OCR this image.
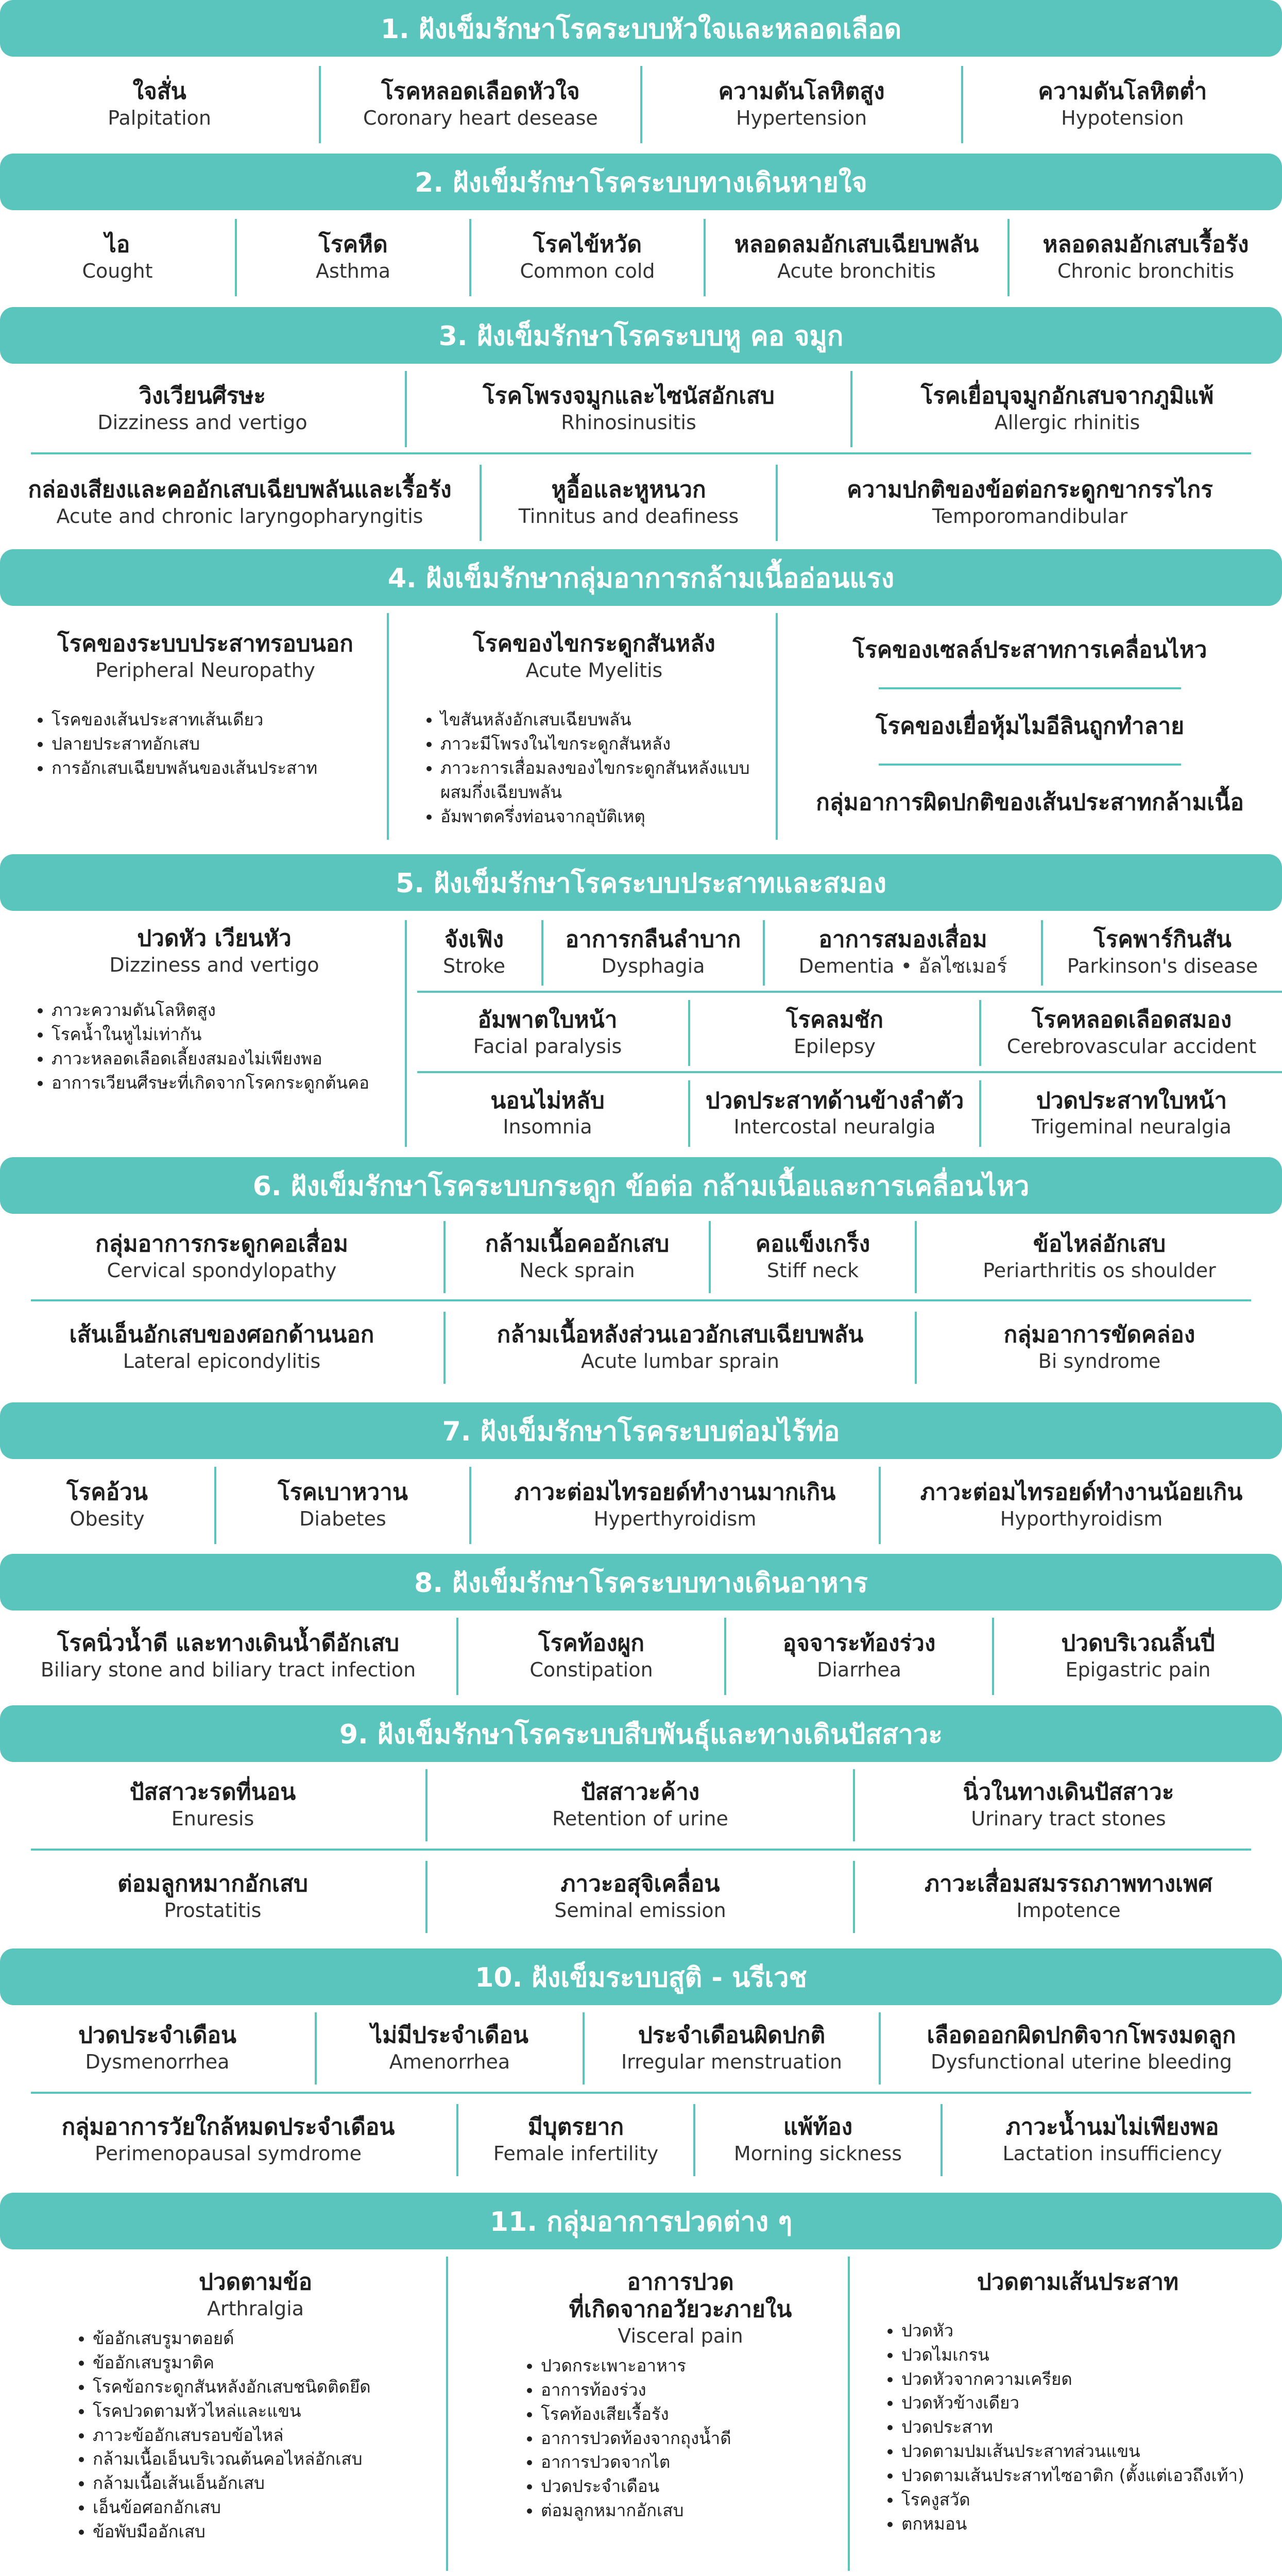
1. ฝังเข็มรักษาโรคระบบหัวใจและหลอดเลือด
ใจสั่น
Palpitation
โรคหลอดเลือดหัวใจ
Coronary heart desease
ความดันโลหิตสูง
Hypertension
ความดันโลหิตต่ำ
Hypotension
2. ฝังเข็มรักษาโรคระบบทางเดินหายใจ
ไอ
Cought
โรคหืด
Asthma
โรคไข้หวัด
Common cold
หลอดลมอักเสบเฉียบพลัน
Acute bronchitis
หลอดลมอักเสบเรื้อรัง
Chronic bronchitis
3. ฝังเข็มรักษาโรคระบบหู คอ จมูก
วิงเวียนศีรษะ
Dizziness and vertigo
โรคโพรงจมูกและไซนัสอักเสบ
Rhinosinusitis
โรคเยื่อบุจมูกอักเสบจากภูมิแพ้
Allergic rhinitis
กล่องเสียงและคออักเสบเฉียบพลันและเรื้อรัง
Acute and chronic laryngopharyngitis
หูอื้อและหูหนวก
Tinnitus and deafiness
ความปกติของข้อต่อกระดูกขากรรไกร
Temporomandibular
4. ฝังเข็มรักษากลุ่มอาการกล้ามเนื้ออ่อนแรง
โรคของระบบประสาทรอบนอก
Peripheral Neuropathy
• โรคของเส้นประสาทเส้นเดียว
• ปลายประสาทอักเสบ
• การอักเสบเฉียบพลันของเส้นประสาท
โรคของไขกระดูกสันหลัง
Acute Myelitis
• ไขสันหลังอักเสบเฉียบพลัน
• ภาวะมีโพรงในไขกระดูกสันหลัง
• ภาวะการเสื่อมลงของไขกระดูกสันหลังแบบผสมกึ่งเฉียบพลัน
• อัมพาตครึ่งท่อนจากอุบัติเหตุ
โรคของเซลล์ประสาทการเคลื่อนไหว
โรคของเยื่อหุ้มไมอีลินถูกทำลาย
กลุ่มอาการผิดปกติของเส้นประสาทกล้ามเนื้อ
5. ฝังเข็มรักษาโรคระบบประสาทและสมอง
ปวดหัว เวียนหัว
Dizziness and vertigo
• ภาวะความดันโลหิตสูง
• โรคน้ำในหูไม่เท่ากัน
• ภาวะหลอดเลือดเลี้ยงสมองไม่เพียงพอ
• อาการเวียนศีรษะที่เกิดจากโรคกระดูกต้นคอ
จังเฟิง
Stroke
อาการกลืนลำบาก
Dysphagia
อาการสมองเสื่อม
Dementia • อัลไซเมอร์
โรคพาร์กินสัน
Parkinson's disease
อัมพาตใบหน้า
Facial paralysis
โรคลมชัก
Epilepsy
โรคหลอดเลือดสมอง
Cerebrovascular accident
นอนไม่หลับ
Insomnia
ปวดประสาทด้านข้างลำตัว
Intercostal neuralgia
ปวดประสาทใบหน้า
Trigeminal neuralgia
6. ฝังเข็มรักษาโรคระบบกระดูก ข้อต่อ กล้ามเนื้อและการเคลื่อนไหว
กลุ่มอาการกระดูกคอเสื่อม
Cervical spondylopathy
กล้ามเนื้อคออักเสบ
Neck sprain
คอแข็งเกร็ง
Stiff neck
ข้อไหล่อักเสบ
Periarthritis os shoulder
เส้นเอ็นอักเสบของศอกด้านนอก
Lateral epicondylitis
กล้ามเนื้อหลังส่วนเอวอักเสบเฉียบพลัน
Acute lumbar sprain
กลุ่มอาการขัดคล่อง
Bi syndrome
7. ฝังเข็มรักษาโรคระบบต่อมไร้ท่อ
โรคอ้วน
Obesity
โรคเบาหวาน
Diabetes
ภาวะต่อมไทรอยด์ทำงานมากเกิน
Hyperthyroidism
ภาวะต่อมไทรอยด์ทำงานน้อยเกิน
Hyporthyroidism
8. ฝังเข็มรักษาโรคระบบทางเดินอาหาร
โรคนิ่วน้ำดี และทางเดินน้ำดีอักเสบ
Biliary stone and biliary tract infection
โรคท้องผูก
Constipation
อุจจาระท้องร่วง
Diarrhea
ปวดบริเวณลิ้นปี่
Epigastric pain
9. ฝังเข็มรักษาโรคระบบสืบพันธุ์และทางเดินปัสสาวะ
ปัสสาวะรดที่นอน
Enuresis
ปัสสาวะค้าง
Retention of urine
นิ่วในทางเดินปัสสาวะ
Urinary tract stones
ต่อมลูกหมากอักเสบ
Prostatitis
ภาวะอสุจิเคลื่อน
Seminal emission
ภาวะเสื่อมสมรรถภาพทางเพศ
Impotence
10. ฝังเข็มระบบสูติ - นรีเวช
ปวดประจำเดือน
Dysmenorrhea
ไม่มีประจำเดือน
Amenorrhea
ประจำเดือนผิดปกติ
Irregular menstruation
เลือดออกผิดปกติจากโพรงมดลูก
Dysfunctional uterine bleeding
กลุ่มอาการวัยใกล้หมดประจำเดือน
Perimenopausal symdrome
มีบุตรยาก
Female infertility
แพ้ท้อง
Morning sickness
ภาวะน้ำนมไม่เพียงพอ
Lactation insufficiency
11. กลุ่มอาการปวดต่าง ๆ
ปวดตามข้อ
Arthralgia
• ข้ออักเสบรูมาตอยด์
• ข้ออักเสบรูมาติค
• โรคข้อกระดูกสันหลังอักเสบชนิดติดยึด
• โรคปวดตามหัวไหล่และแขน
• ภาวะข้ออักเสบรอบข้อไหล่
• กล้ามเนื้อเอ็นบริเวณต้นคอไหล่อักเสบ
• กล้ามเนื้อเส้นเอ็นอักเสบ
• เอ็นข้อศอกอักเสบ
• ข้อพับมืออักเสบ
อาการปวด
ที่เกิดจากอวัยวะภายใน
Visceral pain
• ปวดกระเพาะอาหาร
• อาการท้องร่วง
• โรคท้องเสียเรื้อรัง
• อาการปวดท้องจากถุงน้ำดี
• อาการปวดจากไต
• ปวดประจำเดือน
• ต่อมลูกหมากอักเสบ
ปวดตามเส้นประสาท
• ปวดหัว
• ปวดไมเกรน
• ปวดหัวจากความเครียด
• ปวดหัวข้างเดียว
• ปวดประสาท
• ปวดตามปมเส้นประสาทส่วนแขน
• ปวดตามเส้นประสาทไซอาติก (ตั้งแต่เอวถึงเท้า)
• โรคงูสวัด
• ตกหมอน
